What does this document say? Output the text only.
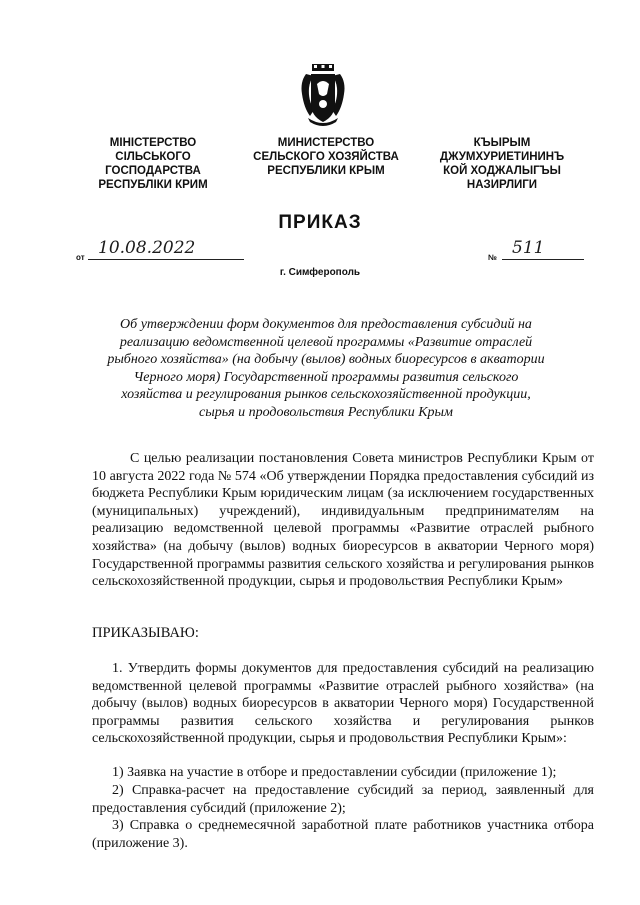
МІНІСТЕРСТВО
СІЛЬСЬКОГО
ГОСПОДАРСТВА
РЕСПУБЛІКИ КРИМ
МИНИСТЕРСТВО
СЕЛЬСКОГО ХОЗЯЙСТВА
РЕСПУБЛИКИ КРЫМ
КЪЫРЫМ
ДЖУМХУРИЕТИНИНЪ
КОЙ ХОДЖАЛЫГЪЫ
НАЗИРЛИГИ
ПРИКАЗ
от 10.08.2022	№ 511
г. Симферополь
Об утверждении форм документов для предоставления субсидий на реализацию ведомственной целевой программы «Развитие отраслей рыбного хозяйства» (на добычу (вылов) водных биоресурсов в акватории Черного моря) Государственной программы развития сельского хозяйства и регулирования рынков сельскохозяйственной продукции, сырья и продовольствия Республики Крым
С целью реализации постановления Совета министров Республики Крым от 10 августа 2022 года № 574 «Об утверждении Порядка предоставления субсидий из бюджета Республики Крым юридическим лицам (за исключением государственных (муниципальных) учреждений), индивидуальным предпринимателям на реализацию ведомственной целевой программы «Развитие отраслей рыбного хозяйства» (на добычу (вылов) водных биоресурсов в акватории Черного моря) Государственной программы развития сельского хозяйства и регулирования рынков сельскохозяйственной продукции, сырья и продовольствия Республики Крым»
ПРИКАЗЫВАЮ:
1. Утвердить формы документов для предоставления субсидий на реализацию ведомственной целевой программы «Развитие отраслей рыбного хозяйства» (на добычу (вылов) водных биоресурсов в акватории Черного моря) Государственной программы развития сельского хозяйства и регулирования рынков сельскохозяйственной продукции, сырья и продовольствия Республики Крым»:
1) Заявка на участие в отборе и предоставлении субсидии (приложение 1);
2) Справка-расчет на предоставление субсидий за период, заявленный для предоставления субсидий (приложение 2);
3) Справка о среднемесячной заработной плате работников участника отбора (приложение 3).
